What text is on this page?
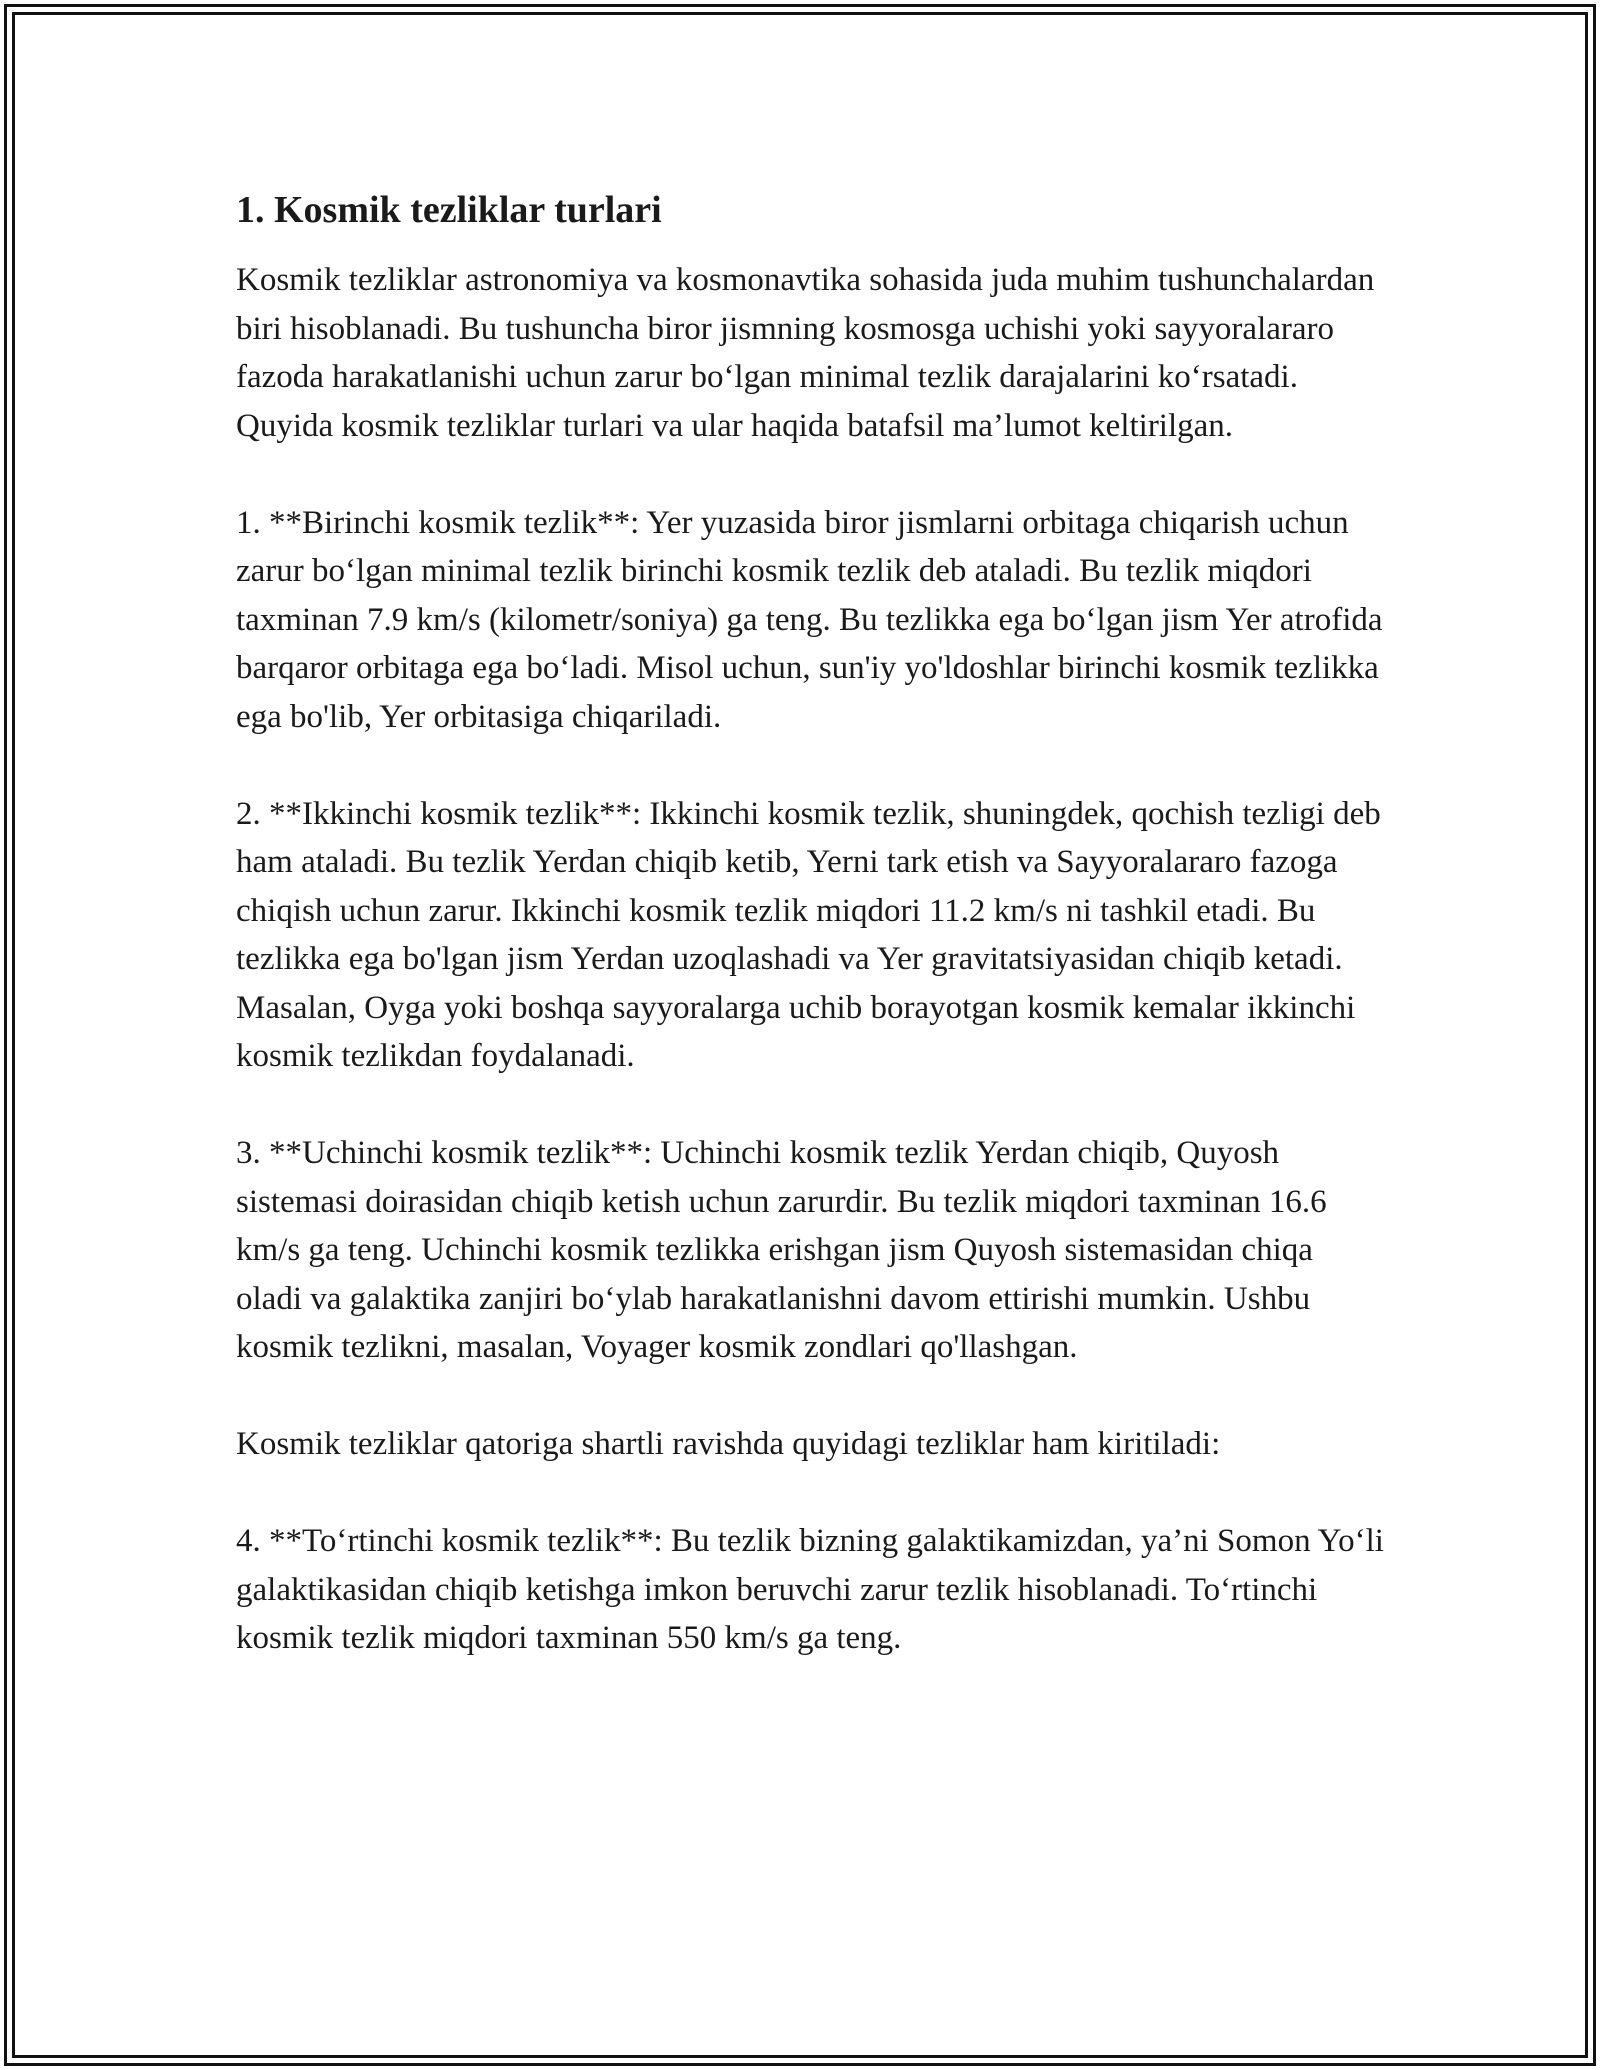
1. Kosmik tezliklar turlari

Kosmik tezliklar astronomiya va kosmonavtika sohasida juda muhim tushunchalardan biri hisoblanadi. Bu tushuncha biror jismning kosmosga uchishi yoki sayyoralararo fazoda harakatlanishi uchun zarur bo‘lgan minimal tezlik darajalarini ko‘rsatadi. Quyida kosmik tezliklar turlari va ular haqida batafsil ma’lumot keltirilgan.

1. **Birinchi kosmik tezlik**: Yer yuzasida biror jismlarni orbitaga chiqarish uchun zarur bo‘lgan minimal tezlik birinchi kosmik tezlik deb ataladi. Bu tezlik miqdori taxminan 7.9 km/s (kilometr/soniya) ga teng. Bu tezlikka ega bo‘lgan jism Yer atrofida barqaror orbitaga ega bo‘ladi. Misol uchun, sun'iy yo'ldoshlar birinchi kosmik tezlikka ega bo'lib, Yer orbitasiga chiqariladi.

2. **Ikkinchi kosmik tezlik**: Ikkinchi kosmik tezlik, shuningdek, qochish tezligi deb ham ataladi. Bu tezlik Yerdan chiqib ketib, Yerni tark etish va Sayyoralararo fazoga chiqish uchun zarur. Ikkinchi kosmik tezlik miqdori 11.2 km/s ni tashkil etadi. Bu tezlikka ega bo'lgan jism Yerdan uzoqlashadi va Yer gravitatsiyasidan chiqib ketadi. Masalan, Oyga yoki boshqa sayyoralarga uchib borayotgan kosmik kemalar ikkinchi kosmik tezlikdan foydalanadi.

3. **Uchinchi kosmik tezlik**: Uchinchi kosmik tezlik Yerdan chiqib, Quyosh sistemasi doirasidan chiqib ketish uchun zarurdir. Bu tezlik miqdori taxminan 16.6 km/s ga teng. Uchinchi kosmik tezlikka erishgan jism Quyosh sistemasidan chiqa oladi va galaktika zanjiri bo‘ylab harakatlanishni davom ettirishi mumkin. Ushbu kosmik tezlikni, masalan, Voyager kosmik zondlari qo'llashgan.

Kosmik tezliklar qatoriga shartli ravishda quyidagi tezliklar ham kiritiladi:

4. **To‘rtinchi kosmik tezlik**: Bu tezlik bizning galaktikamizdan, ya’ni Somon Yo‘li galaktikasidan chiqib ketishga imkon beruvchi zarur tezlik hisoblanadi. To‘rtinchi kosmik tezlik miqdori taxminan 550 km/s ga teng.
